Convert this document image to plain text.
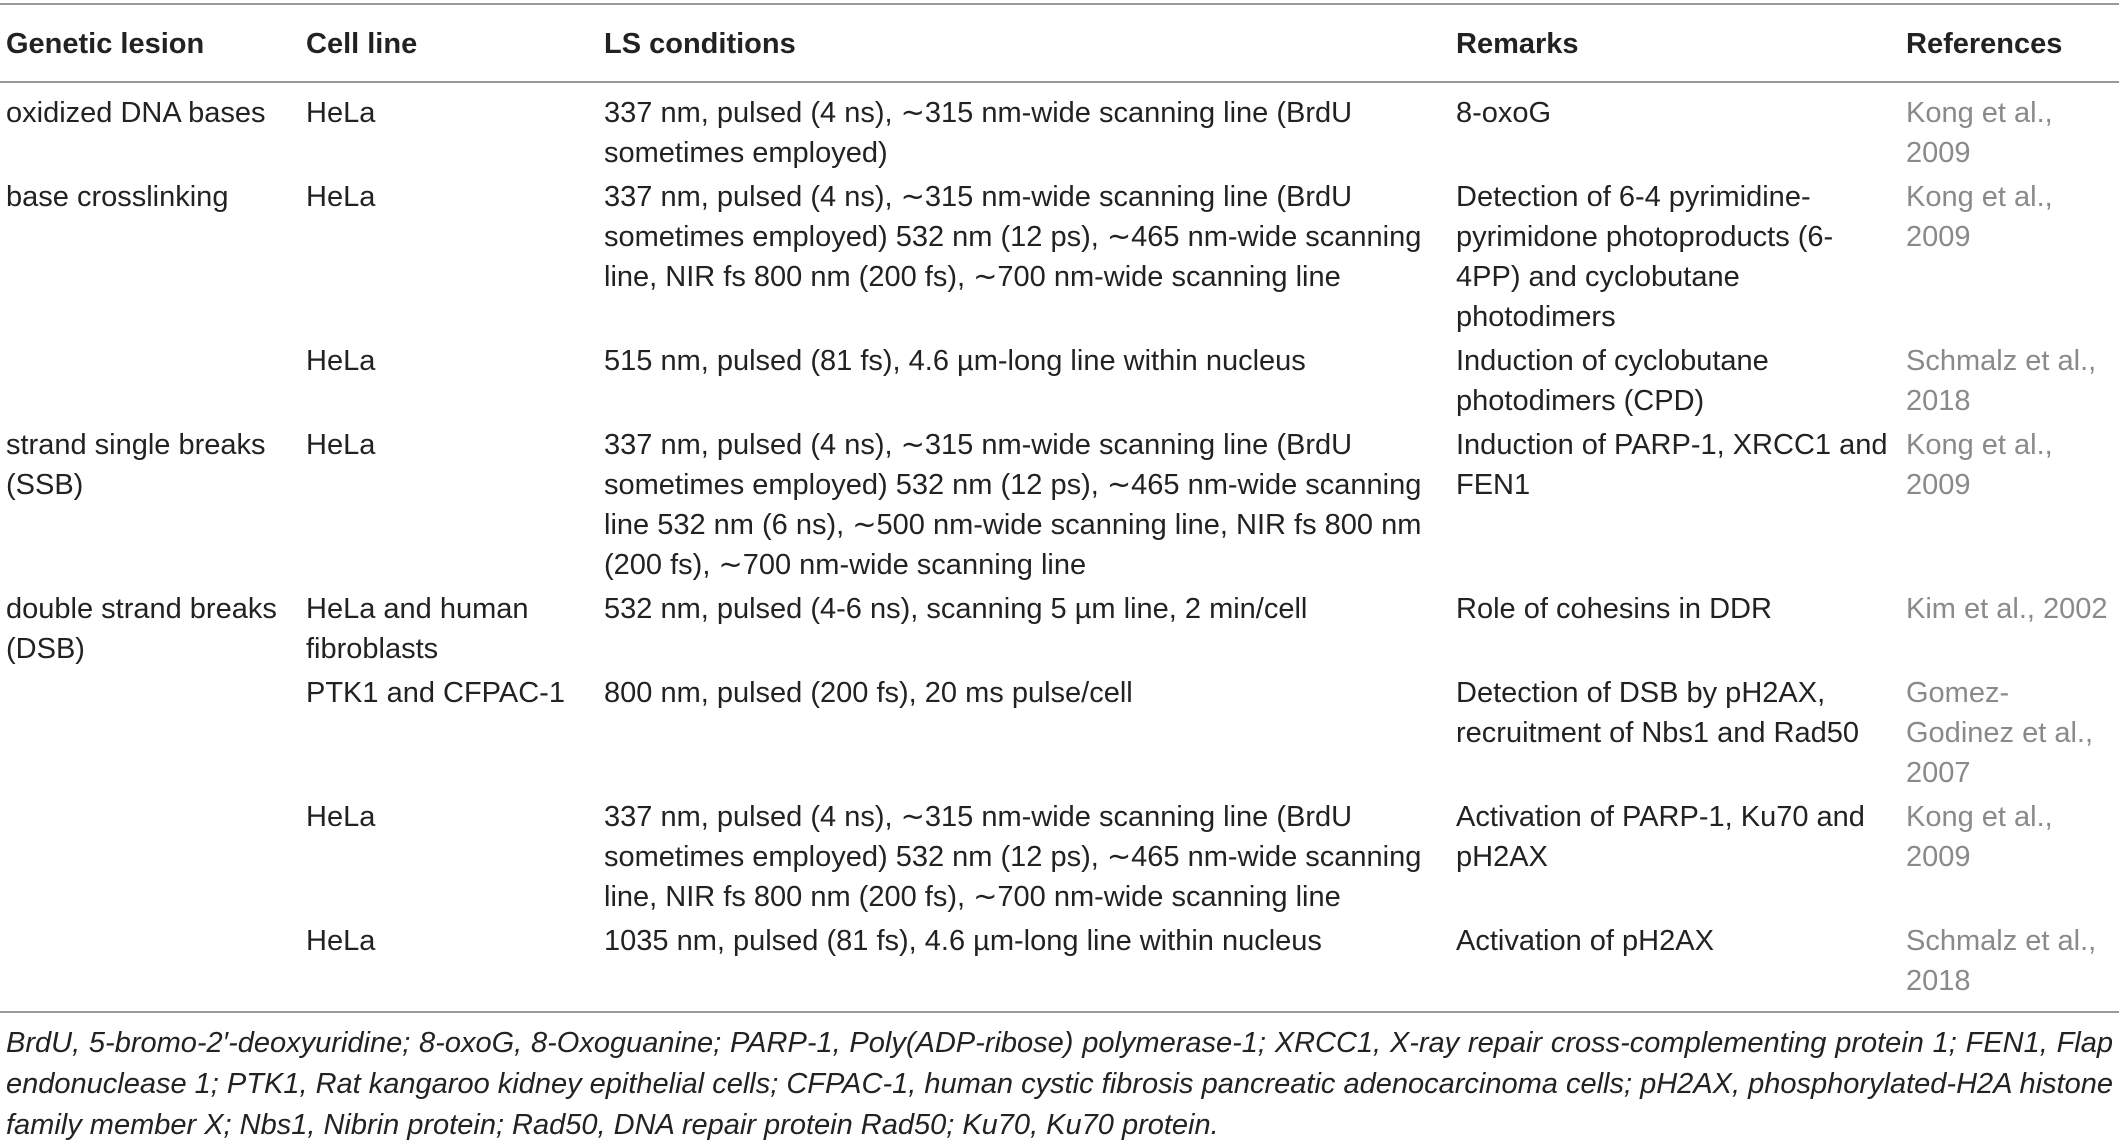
Genetic lesion	Cell line	LS conditions	Remarks	References
oxidized DNA bases	HeLa	337 nm, pulsed (4 ns), ∼315 nm-wide scanning line (BrdU sometimes employed)	8-oxoG	Kong et al., 2009
base crosslinking	HeLa	337 nm, pulsed (4 ns), ∼315 nm-wide scanning line (BrdU sometimes employed) 532 nm (12 ps), ∼465 nm-wide scanning line, NIR fs 800 nm (200 fs), ∼700 nm-wide scanning line	Detection of 6-4 pyrimidine-pyrimidone photoproducts (6-4PP) and cyclobutane photodimers	Kong et al., 2009
	HeLa	515 nm, pulsed (81 fs), 4.6 µm-long line within nucleus	Induction of cyclobutane photodimers (CPD)	Schmalz et al., 2018
strand single breaks (SSB)	HeLa	337 nm, pulsed (4 ns), ∼315 nm-wide scanning line (BrdU sometimes employed) 532 nm (12 ps), ∼465 nm-wide scanning line 532 nm (6 ns), ∼500 nm-wide scanning line, NIR fs 800 nm (200 fs), ∼700 nm-wide scanning line	Induction of PARP-1, XRCC1 and FEN1	Kong et al., 2009
double strand breaks (DSB)	HeLa and human fibroblasts	532 nm, pulsed (4-6 ns), scanning 5 µm line, 2 min/cell	Role of cohesins in DDR	Kim et al., 2002
	PTK1 and CFPAC-1	800 nm, pulsed (200 fs), 20 ms pulse/cell	Detection of DSB by pH2AX, recruitment of Nbs1 and Rad50	Gomez-Godinez et al., 2007
	HeLa	337 nm, pulsed (4 ns), ∼315 nm-wide scanning line (BrdU sometimes employed) 532 nm (12 ps), ∼465 nm-wide scanning line, NIR fs 800 nm (200 fs), ∼700 nm-wide scanning line	Activation of PARP-1, Ku70 and pH2AX	Kong et al., 2009
	HeLa	1035 nm, pulsed (81 fs), 4.6 µm-long line within nucleus	Activation of pH2AX	Schmalz et al., 2018
BrdU, 5-bromo-2′-deoxyuridine; 8-oxoG, 8-Oxoguanine; PARP-1, Poly(ADP-ribose) polymerase-1; XRCC1, X-ray repair cross-complementing protein 1; FEN1, Flap endonuclease 1; PTK1, Rat kangaroo kidney epithelial cells; CFPAC-1, human cystic fibrosis pancreatic adenocarcinoma cells; pH2AX, phosphorylated-H2A histone family member X; Nbs1, Nibrin protein; Rad50, DNA repair protein Rad50; Ku70, Ku70 protein.
